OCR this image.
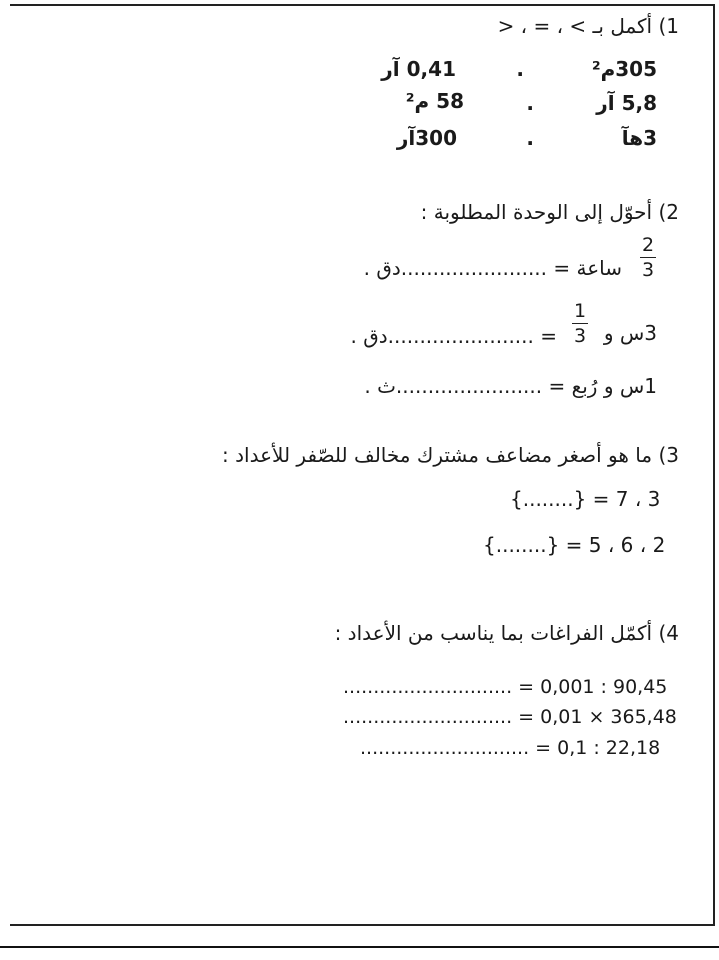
1) أكمل بـ > ، = ، <
305م²
.
0,41 آر
5,8 آر
.
58 م²
3هآ
.
300آر
2) أحوّل إلى الوحدة المطلوبة :
2
3
ساعة = .......................دق .
3س و
1
3
= .......................دق .
1س و رُبع = .......................ث .
3) ما هو أصغر مضاعف مشترك مخالف للصّفر للأعداد :
{........} = 7 ، 3
{........} = 5 ، 6 ، 2
4) أكمّل الفراغات بما يناسب من الأعداد :
............................ = 0,001 : 90,45
............................ = 0,01 × 365,48
............................ = 0,1 : 22,18
